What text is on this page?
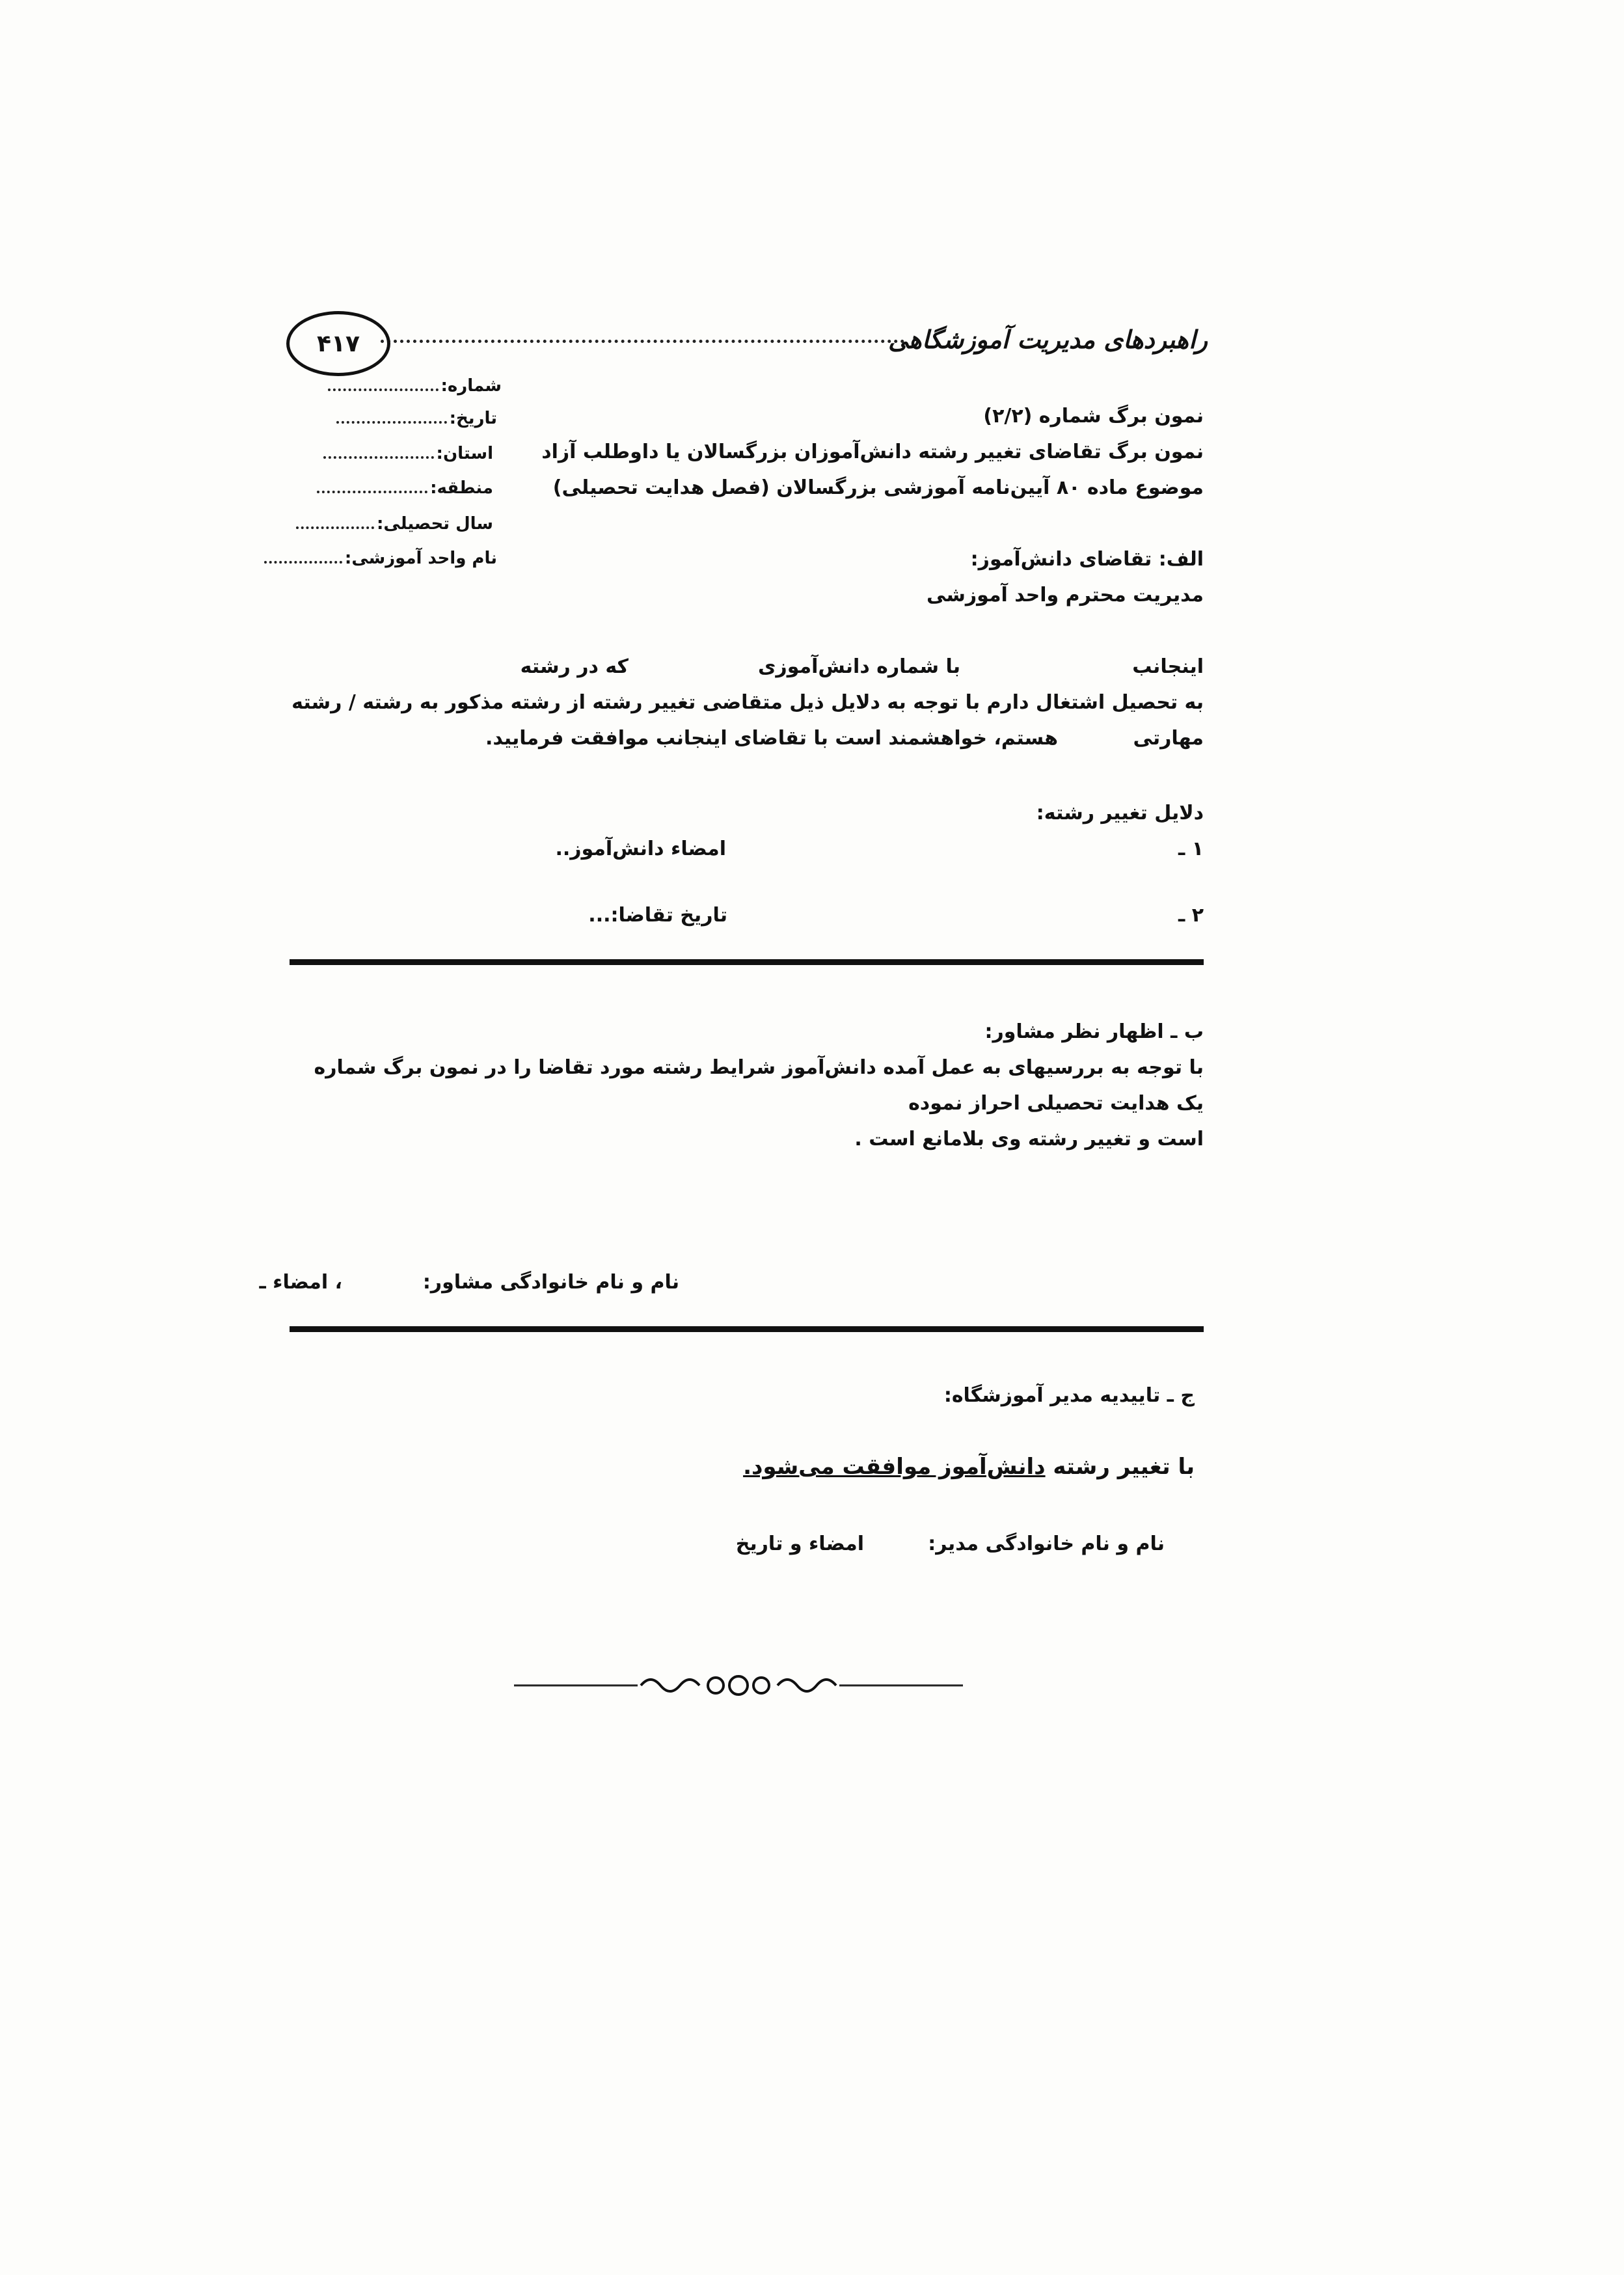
راهبردهای مدیریت آموزشگاهی
۴۱۷
شماره:
تاریخ:
استان:
منطقه:
سال تحصیلی:
نام واحد آموزشی:
نمون برگ شماره (۲/۲)
نمون برگ تقاضای تغییر رشته دانش‌آموزان بزرگسالان یا داوطلب آزاد
موضوع ماده ۸۰ آیین‌نامه آموزشی بزرگسالان (فصل هدایت تحصیلی)
الف: تقاضای دانش‌آموز:
مدیریت محترم واحد آموزشی
اینجانب
با شماره دانش‌آموزی
که در رشته
به تحصیل اشتغال دارم با توجه به دلایل ذیل متقاضی تغییر رشته از رشته مذکور به رشته / رشته
مهارتی
هستم، خواهشمند است با تقاضای اینجانب موافقت فرمایید.
دلایل تغییر رشته:
۱ ـ
امضاء دانش‌آموز..
۲ ـ
تاریخ تقاضا:...
ب ـ اظهار نظر مشاور:
با توجه به بررسیهای به عمل آمده دانش‌آموز شرایط رشته مورد تقاضا را در نمون برگ شماره یک هدایت تحصیلی احراز نموده
است و تغییر رشته وی بلامانع است .
نام و نام خانوادگی مشاور:
، امضاء ـ
ج ـ تاییدیه مدیر آموزشگاه:
با تغییر رشته دانش‌آموز موافقت می‌شود.
نام و نام خانوادگی مدیر:
امضاء و تاریخ
